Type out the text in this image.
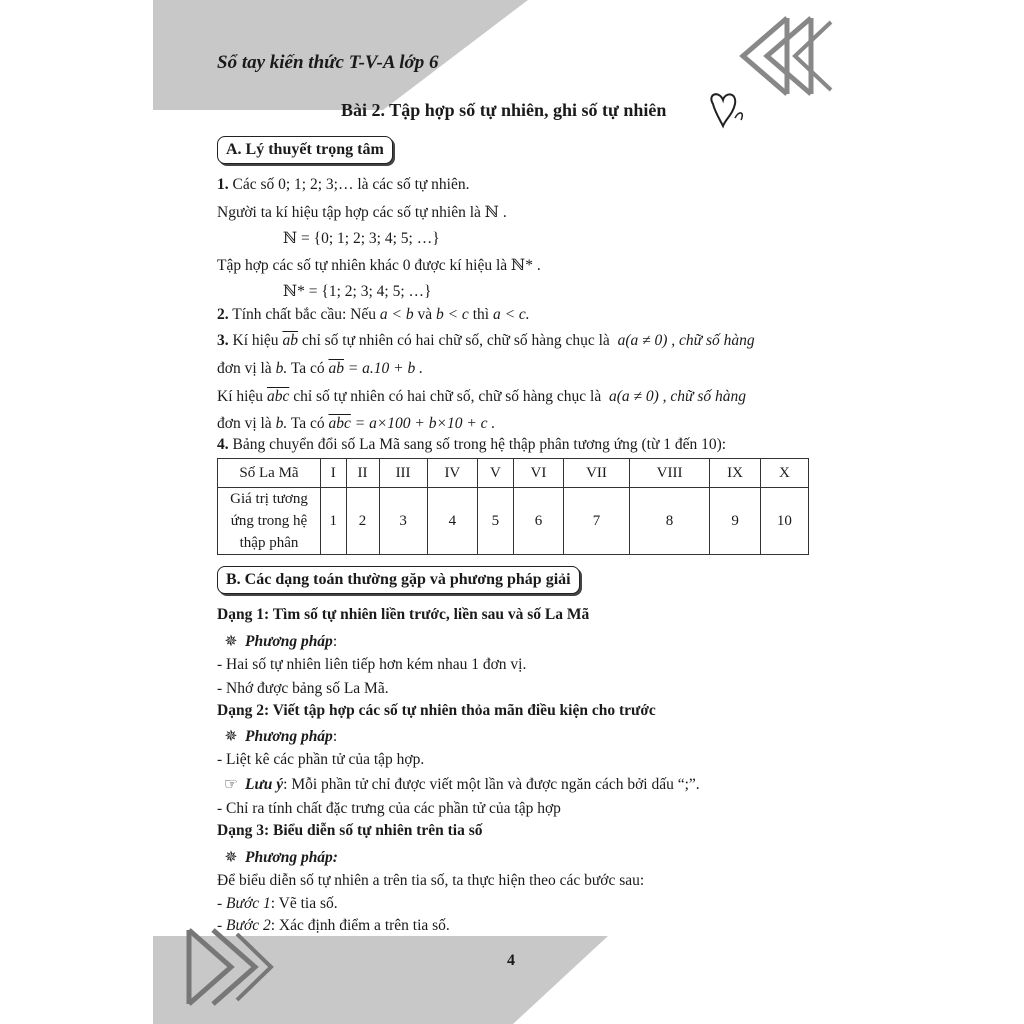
Sổ tay kiến thức T-V-A lớp 6
Bài 2. Tập hợp số tự nhiên, ghi số tự nhiên
A. Lý thuyết trọng tâm
1. Các số 0; 1; 2; 3;… là các số tự nhiên.
Người ta kí hiệu tập hợp các số tự nhiên là ℕ .
ℕ = {0; 1; 2; 3; 4; 5; …}
Tập hợp các số tự nhiên khác 0 được kí hiệu là ℕ* .
ℕ* = {1; 2; 3; 4; 5; …}
2. Tính chất bắc cầu: Nếu a < b và b < c thì a < c.
3. Kí hiệu $\overline{ab}$ chỉ số tự nhiên có hai chữ số, chữ số hàng chục là a(a ≠ 0) , chữ số hàng
đơn vị là b. Ta có $\overline{ab} = a.10 + b$ .
Kí hiệu $\overline{abc}$ chỉ số tự nhiên có hai chữ số, chữ số hàng chục là a(a ≠ 0) , chữ số hàng
đơn vị là b. Ta có $\overline{abc} = a\times 100 + b\times 10 + c$ .
4. Bảng chuyển đổi số La Mã sang số trong hệ thập phân tương ứng (từ 1 đến 10):
Số La Mã	I	II	III	IV	V	VI	VII	VIII	IX	X
Giá trị tương ứng trong hệ thập phân	1	2	3	4	5	6	7	8	9	10
B. Các dạng toán thường gặp và phương pháp giải
Dạng 1: Tìm số tự nhiên liền trước, liền sau và số La Mã
✵ Phương pháp:
- Hai số tự nhiên liên tiếp hơn kém nhau 1 đơn vị.
- Nhớ được bảng số La Mã.
Dạng 2: Viết tập hợp các số tự nhiên thỏa mãn điều kiện cho trước
✵ Phương pháp:
- Liệt kê các phần tử của tập hợp.
☞ Lưu ý: Mỗi phần tử chỉ được viết một lần và được ngăn cách bởi dấu “;”.
- Chỉ ra tính chất đặc trưng của các phần tử của tập hợp
Dạng 3: Biểu diễn số tự nhiên trên tia số
✵ Phương pháp:
Để biểu diễn số tự nhiên a trên tia số, ta thực hiện theo các bước sau:
- Bước 1: Vẽ tia số.
- Bước 2: Xác định điểm a trên tia số.
4
